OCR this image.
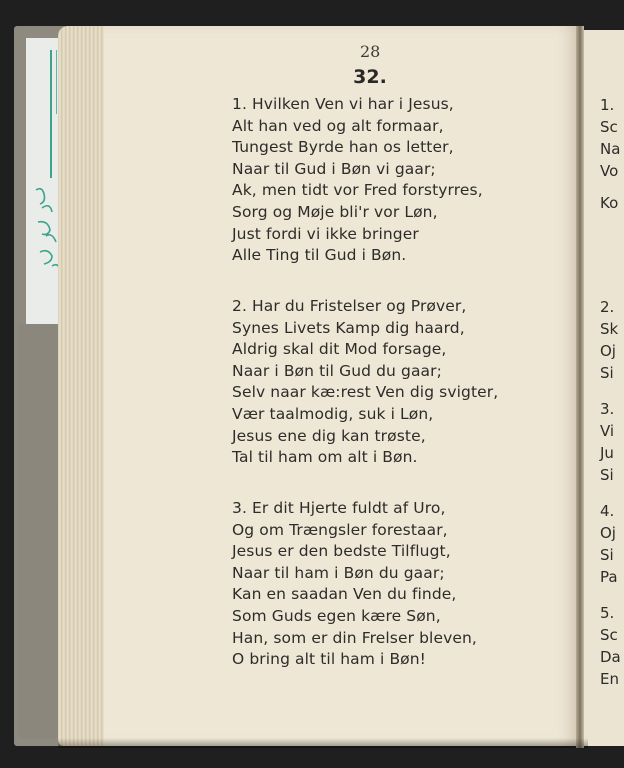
28
32.
1. Hvilken Ven vi har i Jesus,
Alt han ved og alt formaar,
Tungest Byrde han os letter,
Naar til Gud i Bøn vi gaar;
Ak, men tidt vor Fred forstyrres,
Sorg og Møje bli'r vor Løn,
Just fordi vi ikke bringer
Alle Ting til Gud i Bøn.
2. Har du Fristelser og Prøver,
Synes Livets Kamp dig haard,
Aldrig skal dit Mod forsage,
Naar i Bøn til Gud du gaar;
Selv naar kæ:rest Ven dig svigter,
Vær taalmodig, suk i Løn,
Jesus ene dig kan trøste,
Tal til ham om alt i Bøn.
3. Er dit Hjerte fuldt af Uro,
Og om Trængsler forestaar,
Jesus er den bedste Tilflugt,
Naar til ham i Bøn du gaar;
Kan en saadan Ven du finde,
Som Guds egen kære Søn,
Han, som er din Frelser bleven,
O bring alt til ham i Bøn!
1.
Sc
Na
Vo
Ko
2.
Sk
Oj
Si
3.
Vi
Ju
Si
4.
Oj
Si
Pa
5.
Sc
Da
En
